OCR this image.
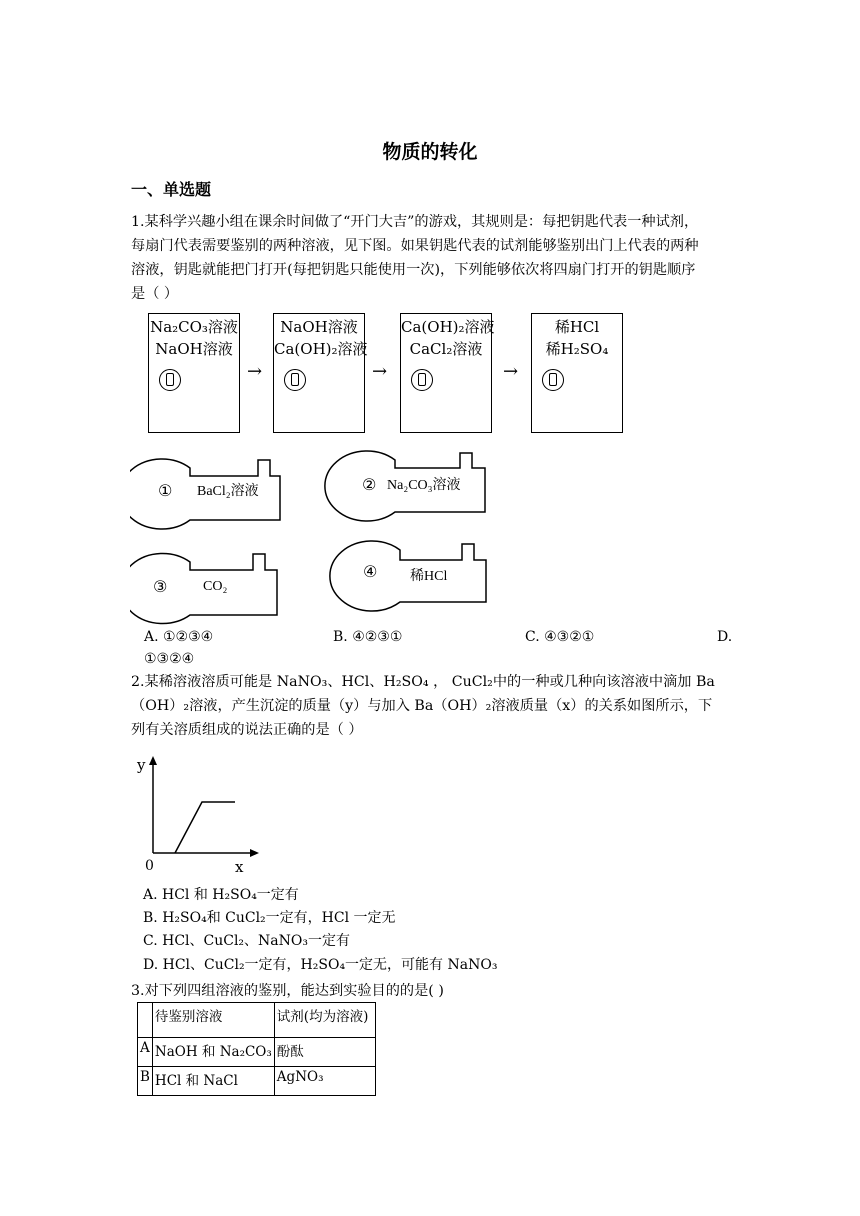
物质的转化
一、单选题
1.某科学兴趣小组在课余时间做了“开门大吉”的游戏，其规则是：每把钥匙代表一种试剂，
每扇门代表需要鉴别的两种溶液，见下图。如果钥匙代表的试剂能够鉴别出门上代表的两种
溶液，钥匙就能把门打开(每把钥匙只能使用一次)，下列能够依次将四扇门打开的钥匙顺序
是（ ）
Na₂CO₃溶液
NaOH溶液
→
NaOH溶液
Ca(OH)₂溶液
→
Ca(OH)₂溶液
CaCl₂溶液
→
稀HCl
稀H₂SO₄
① BaCl₂溶液	② Na₂CO₃溶液
③	CO₂
④ 稀HCl
A. ①②③④	B. ④②③①	C. ④③②①	D.
①③②④
2.某稀溶液溶质可能是 NaNO₃、HCl、H₂SO₄ ， CuCl₂中的一种或几种向该溶液中滴加 Ba
（OH）₂溶液，产生沉淀的质量（y）与加入 Ba（OH）₂溶液质量（x）的关系如图所示，下
列有关溶质组成的说法正确的是（ ）
y
x
0
A. HCl 和 H₂SO₄一定有
B. H₂SO₄和 CuCl₂一定有，HCl 一定无
C. HCl、CuCl₂、NaNO₃一定有
D. HCl、CuCl₂一定有，H₂SO₄一定无，可能有 NaNO₃
3.对下列四组溶液的鉴别，能达到实验目的的是( )
	待鉴别溶液	试剂(均为溶液)
A	NaOH 和 Na₂CO₃	酚酞
B	HCl 和 NaCl	AgNO₃
